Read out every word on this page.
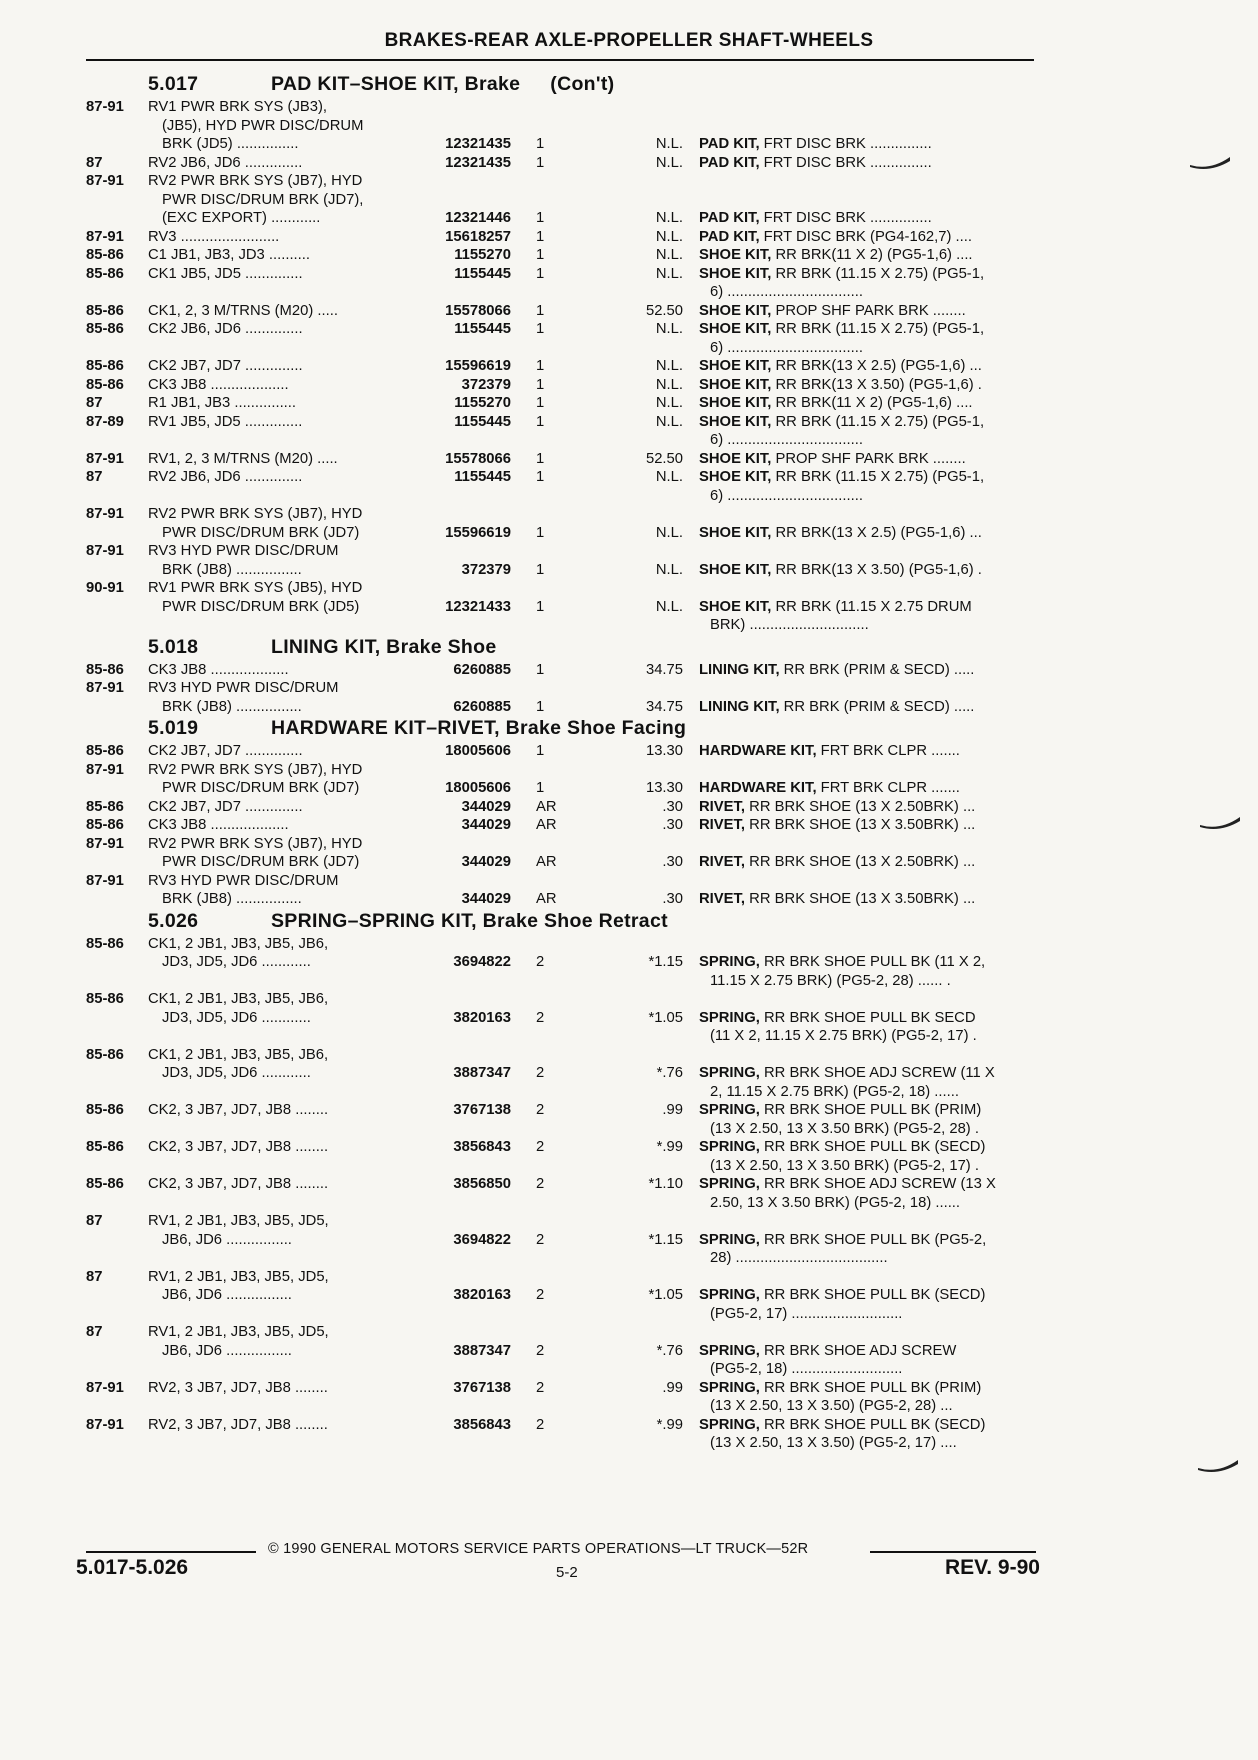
BRAKES-REAR AXLE-PROPELLER SHAFT-WHEELS
5.017	PAD KIT–SHOE KIT, Brake (Con't)
87-91 RV1 PWR BRK SYS (JB3),
(JB5), HYD PWR DISC/DRUM
BRK (JD5) ...............	12321435 1	N.L. PAD KIT, FRT DISC BRK ...............
87	RV2 JB6, JD6 ..............	12321435 1	N.L. PAD KIT, FRT DISC BRK ...............
87-91 RV2 PWR BRK SYS (JB7), HYD
PWR DISC/DRUM BRK (JD7),
(EXC EXPORT) ............	12321446 1	N.L. PAD KIT, FRT DISC BRK ...............
87-91 RV3 ........................	15618257 1	N.L. PAD KIT, FRT DISC BRK (PG4-162,7) ....
85-86 C1 JB1, JB3, JD3 ..........	1155270 1	N.L. SHOE KIT, RR BRK(11 X 2) (PG5-1,6) ....
85-86 CK1 JB5, JD5 ..............	1155445 1	N.L. SHOE KIT, RR BRK (11.15 X 2.75) (PG5-1,
6) .................................
85-86 CK1, 2, 3 M/TRNS (M20) .....	15578066 1	52.50 SHOE KIT, PROP SHF PARK BRK ........
85-86 CK2 JB6, JD6 ..............	1155445 1	N.L. SHOE KIT, RR BRK (11.15 X 2.75) (PG5-1,
6) .................................
85-86 CK2 JB7, JD7 ..............	15596619 1	N.L. SHOE KIT, RR BRK(13 X 2.5) (PG5-1,6) ...
85-86 CK3 JB8 ...................	372379 1	N.L. SHOE KIT, RR BRK(13 X 3.50) (PG5-1,6) .
87	R1 JB1, JB3 ...............	1155270 1	N.L. SHOE KIT, RR BRK(11 X 2) (PG5-1,6) ....
87-89 RV1 JB5, JD5 ..............	1155445 1	N.L. SHOE KIT, RR BRK (11.15 X 2.75) (PG5-1,
6) .................................
87-91 RV1, 2, 3 M/TRNS (M20) .....	15578066 1	52.50 SHOE KIT, PROP SHF PARK BRK ........
87	RV2 JB6, JD6 ..............	1155445 1	N.L. SHOE KIT, RR BRK (11.15 X 2.75) (PG5-1,
6) .................................
87-91 RV2 PWR BRK SYS (JB7), HYD
PWR DISC/DRUM BRK (JD7)	15596619 1	N.L. SHOE KIT, RR BRK(13 X 2.5) (PG5-1,6) ...
87-91 RV3 HYD PWR DISC/DRUM
BRK (JB8) ................	372379 1	N.L. SHOE KIT, RR BRK(13 X 3.50) (PG5-1,6) .
90-91 RV1 PWR BRK SYS (JB5), HYD
PWR DISC/DRUM BRK (JD5)	12321433 1	N.L. SHOE KIT, RR BRK (11.15 X 2.75 DRUM
BRK) .............................
5.018	LINING KIT, Brake Shoe
85-86 CK3 JB8 ...................	6260885 1	34.75 LINING KIT, RR BRK (PRIM & SECD) .....
87-91 RV3 HYD PWR DISC/DRUM
BRK (JB8) ................	6260885 1	34.75 LINING KIT, RR BRK (PRIM & SECD) .....
5.019	HARDWARE KIT–RIVET, Brake Shoe Facing
85-86 CK2 JB7, JD7 ..............	18005606 1	13.30 HARDWARE KIT, FRT BRK CLPR .......
87-91 RV2 PWR BRK SYS (JB7), HYD
PWR DISC/DRUM BRK (JD7)	18005606 1	13.30 HARDWARE KIT, FRT BRK CLPR .......
85-86 CK2 JB7, JD7 ..............	344029 AR	.30 RIVET, RR BRK SHOE (13 X 2.50BRK) ...
85-86 CK3 JB8 ...................	344029 AR	.30 RIVET, RR BRK SHOE (13 X 3.50BRK) ...
87-91 RV2 PWR BRK SYS (JB7), HYD
PWR DISC/DRUM BRK (JD7)	344029 AR	.30 RIVET, RR BRK SHOE (13 X 2.50BRK) ...
87-91 RV3 HYD PWR DISC/DRUM
BRK (JB8) ................	344029 AR	.30 RIVET, RR BRK SHOE (13 X 3.50BRK) ...
5.026	SPRING–SPRING KIT, Brake Shoe Retract
85-86 CK1, 2 JB1, JB3, JB5, JB6,
JD3, JD5, JD6 ............	3694822 2	*1.15 SPRING, RR BRK SHOE PULL BK (11 X 2,
11.15 X 2.75 BRK) (PG5-2, 28) ...... .
85-86 CK1, 2 JB1, JB3, JB5, JB6,
JD3, JD5, JD6 ............	3820163 2	*1.05 SPRING, RR BRK SHOE PULL BK SECD
(11 X 2, 11.15 X 2.75 BRK) (PG5-2, 17) .
85-86 CK1, 2 JB1, JB3, JB5, JB6,
JD3, JD5, JD6 ............	3887347 2	*.76 SPRING, RR BRK SHOE ADJ SCREW (11 X
2, 11.15 X 2.75 BRK) (PG5-2, 18) ......
85-86 CK2, 3 JB7, JD7, JB8 ........	3767138 2	.99 SPRING, RR BRK SHOE PULL BK (PRIM)
(13 X 2.50, 13 X 3.50 BRK) (PG5-2, 28) .
85-86 CK2, 3 JB7, JD7, JB8 ........	3856843 2	*.99 SPRING, RR BRK SHOE PULL BK (SECD)
(13 X 2.50, 13 X 3.50 BRK) (PG5-2, 17) .
85-86 CK2, 3 JB7, JD7, JB8 ........	3856850 2	*1.10 SPRING, RR BRK SHOE ADJ SCREW (13 X
2.50, 13 X 3.50 BRK) (PG5-2, 18) ......
87	RV1, 2 JB1, JB3, JB5, JD5,
JB6, JD6 ................	3694822 2	*1.15 SPRING, RR BRK SHOE PULL BK (PG5-2,
28) .....................................
87	RV1, 2 JB1, JB3, JB5, JD5,
JB6, JD6 ................	3820163 2	*1.05 SPRING, RR BRK SHOE PULL BK (SECD)
(PG5-2, 17) ...........................
87	RV1, 2 JB1, JB3, JB5, JD5,
JB6, JD6 ................	3887347 2	*.76 SPRING, RR BRK SHOE ADJ SCREW
(PG5-2, 18) ...........................
87-91 RV2, 3 JB7, JD7, JB8 ........	3767138 2	.99 SPRING, RR BRK SHOE PULL BK (PRIM)
(13 X 2.50, 13 X 3.50) (PG5-2, 28) ...
87-91 RV2, 3 JB7, JD7, JB8 ........	3856843 2	*.99 SPRING, RR BRK SHOE PULL BK (SECD)
(13 X 2.50, 13 X 3.50) (PG5-2, 17) ....
© 1990 GENERAL MOTORS SERVICE PARTS OPERATIONS—LT TRUCK—52R
5.017-5.026	5-2	REV. 9-90
